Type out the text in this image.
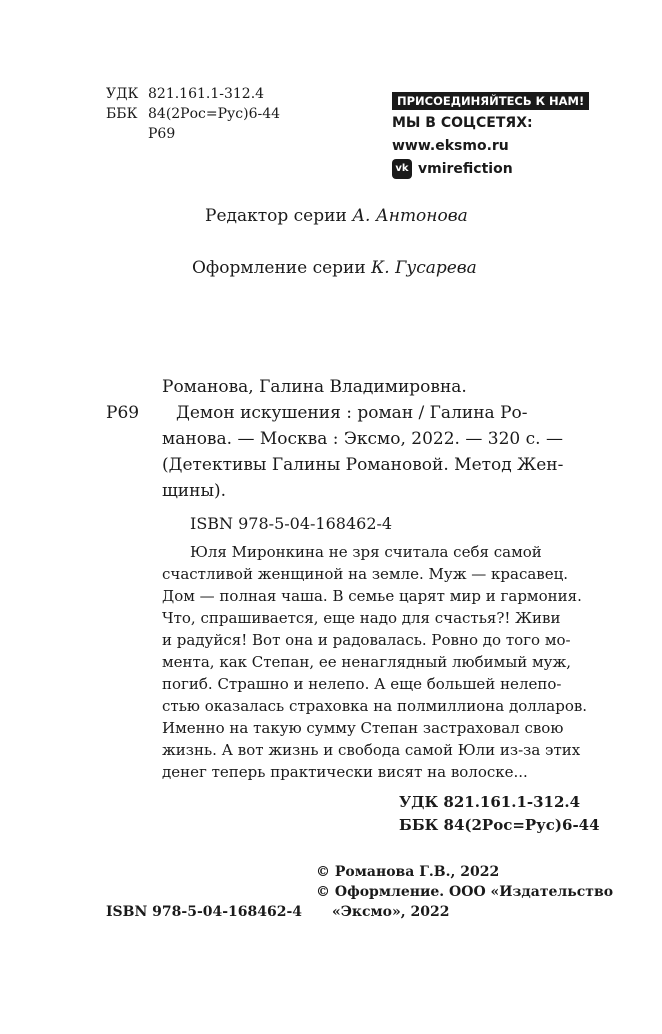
УДК 821.161.1-312.4
ББК 84(2Рос=Рус)6-44
Р69
ПРИСОЕДИНЯЙТЕСЬ К НАМ!
МЫ В СОЦСЕТЯХ:
www.eksmo.ru
vk vmirefiction
Редактор серии А. Антонова
Оформление серии К. Гусарева
Романова, Галина Владимировна.
Р69 Демон искушения : роман / Галина Ро-
манова. — Москва : Эксмо, 2022. — 320 с. —
(Детективы Галины Романовой. Метод Жен-
щины).
ISBN 978-5-04-168462-4
Юля Миронкина не зря считала себя самой
счастливой женщиной на земле. Муж — красавец.
Дом — полная чаша. В семье царят мир и гармония.
Что, спрашивается, еще надо для счастья?! Живи
и радуйся! Вот она и радовалась. Ровно до того мо-
мента, как Степан, ее ненаглядный любимый муж,
погиб. Страшно и нелепо. А еще большей нелепо-
стью оказалась страховка на полмиллиона долларов.
Именно на такую сумму Степан застраховал свою
жизнь. А вот жизнь и свобода самой Юли из-за этих
денег теперь практически висят на волоске...
УДК 821.161.1-312.4
ББК 84(2Рос=Рус)6-44
© Романова Г.В., 2022
© Оформление. ООО «Издательство
«Эксмо», 2022
ISBN 978-5-04-168462-4
